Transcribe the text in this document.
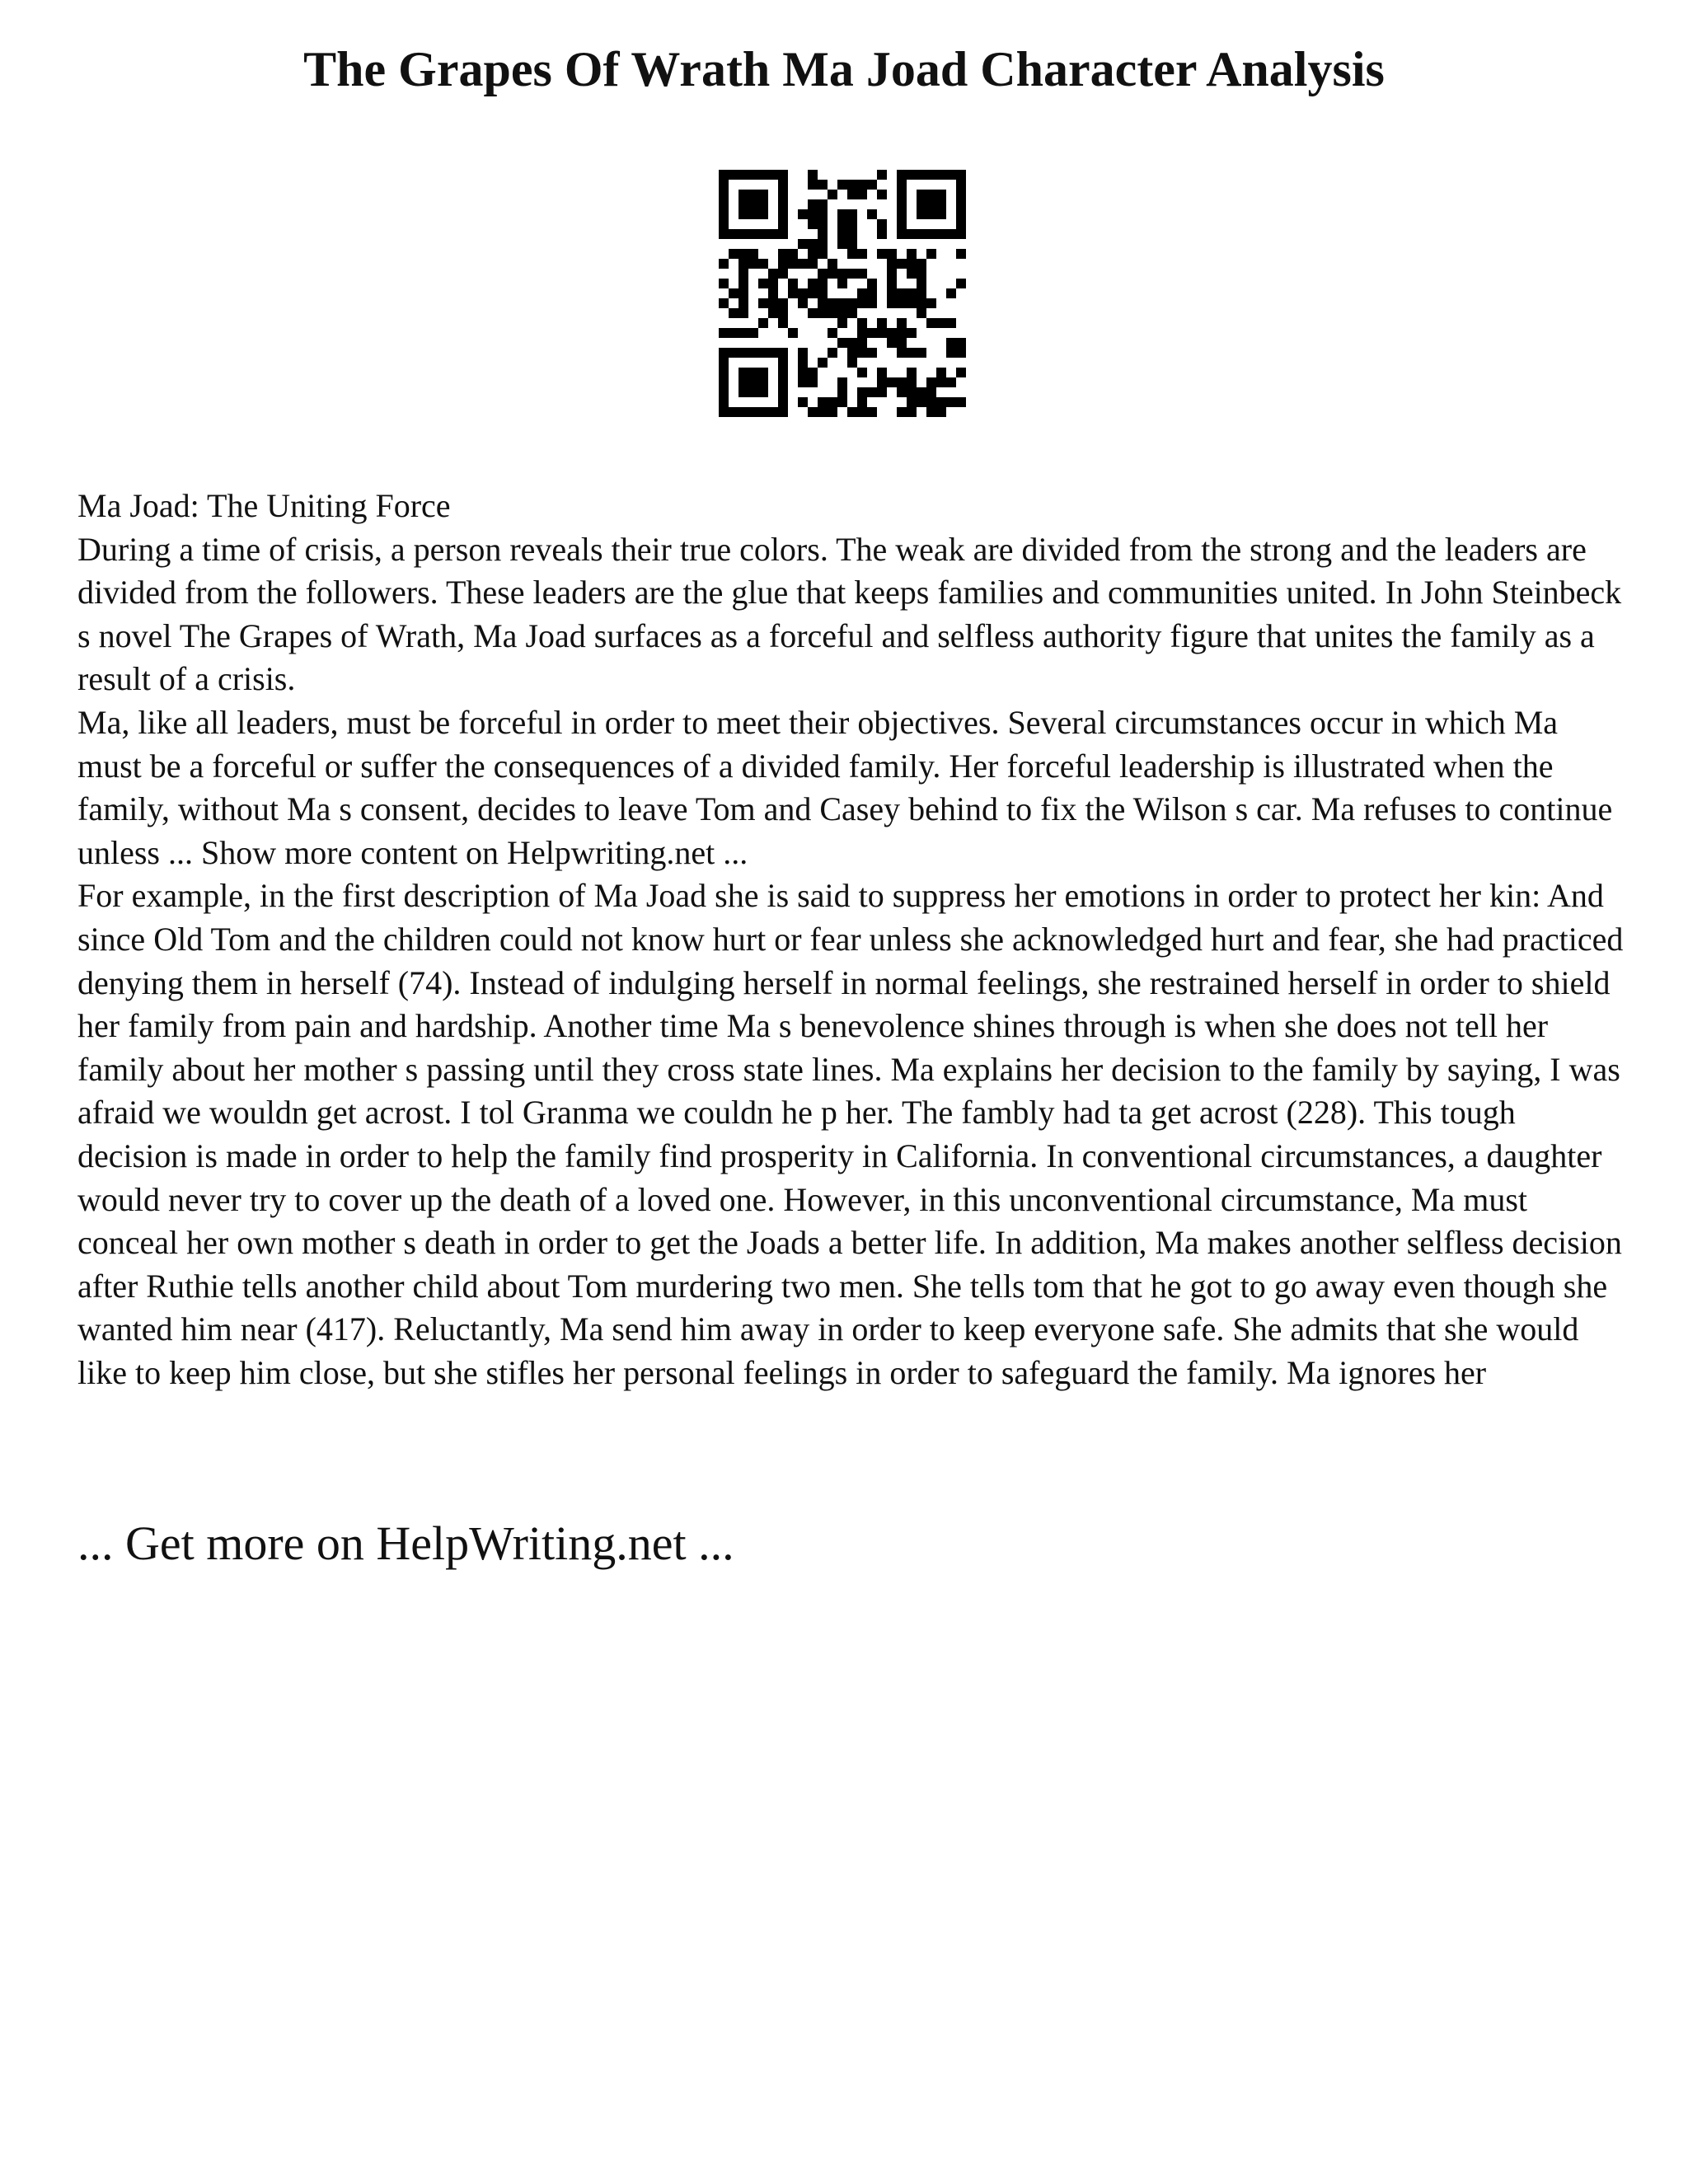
The Grapes Of Wrath Ma Joad Character Analysis

Ma Joad: The Uniting Force

During a time of crisis, a person reveals their true colors. The weak are divided from the strong and the leaders are divided from the followers. These leaders are the glue that keeps families and communities united. In John Steinbeck s novel The Grapes of Wrath, Ma Joad surfaces as a forceful and selfless authority figure that unites the family as a result of a crisis.

Ma, like all leaders, must be forceful in order to meet their objectives. Several circumstances occur in which Ma must be a forceful or suffer the consequences of a divided family. Her forceful leadership is illustrated when the family, without Ma s consent, decides to leave Tom and Casey behind to fix the Wilson s car. Ma refuses to continue unless ... Show more content on Helpwriting.net ...

For example, in the first description of Ma Joad she is said to suppress her emotions in order to protect her kin: And since Old Tom and the children could not know hurt or fear unless she acknowledged hurt and fear, she had practiced denying them in herself (74). Instead of indulging herself in normal feelings, she restrained herself in order to shield her family from pain and hardship. Another time Ma s benevolence shines through is when she does not tell her family about her mother s passing until they cross state lines. Ma explains her decision to the family by saying, I was afraid we wouldn get acrost. I tol Granma we couldn he p her. The fambly had ta get acrost (228). This tough decision is made in order to help the family find prosperity in California. In conventional circumstances, a daughter would never try to cover up the death of a loved one. However, in this unconventional circumstance, Ma must conceal her own mother s death in order to get the Joads a better life. In addition, Ma makes another selfless decision after Ruthie tells another child about Tom murdering two men. She tells tom that he got to go away even though she wanted him near (417). Reluctantly, Ma send him away in order to keep everyone safe. She admits that she would like to keep him close, but she stifles her personal feelings in order to safeguard the family. Ma ignores her

... Get more on HelpWriting.net ...
